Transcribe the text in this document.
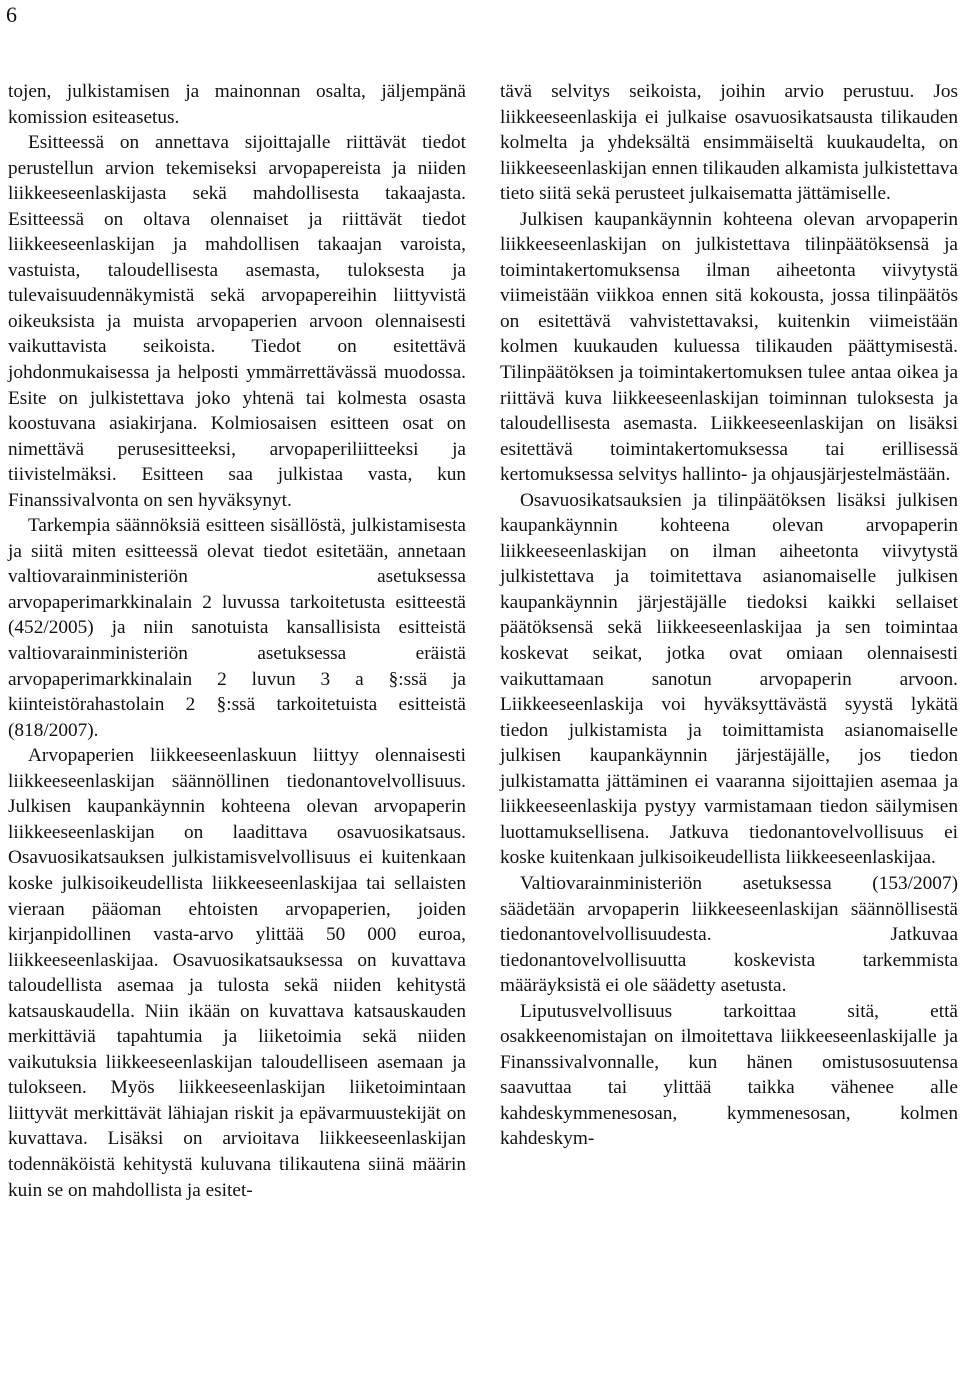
6

tojen, julkistamisen ja mainonnan osalta, jäljempänä komission esiteasetus.

Esitteessä on annettava sijoittajalle riittävät tiedot perustellun arvion tekemiseksi arvopapereista ja niiden liikkeeseenlaskijasta sekä mahdollisesta takaajasta. Esitteessä on oltava olennaiset ja riittävät tiedot liikkeeseenlaskijan ja mahdollisen takaajan varoista, vastuista, taloudellisesta asemasta, tuloksesta ja tulevaisuudennäkymistä sekä arvopapereihin liittyvistä oikeuksista ja muista arvopaperien arvoon olennaisesti vaikuttavista seikoista. Tiedot on esitettävä johdonmukaisessa ja helposti ymmärrettävässä muodossa. Esite on julkistettava joko yhtenä tai kolmesta osasta koostuvana asiakirjana. Kolmiosaisen esitteen osat on nimettävä perusesitteeksi, arvopaperiliitteeksi ja tiivistelmäksi. Esitteen saa julkistaa vasta, kun Finanssivalvonta on sen hyväksynyt.

Tarkempia säännöksiä esitteen sisällöstä, julkistamisesta ja siitä miten esitteessä olevat tiedot esitetään, annetaan valtiovarainministeriön asetuksessa arvopaperimarkkinalain 2 luvussa tarkoitetusta esitteestä (452/2005) ja niin sanotuista kansallisista esitteistä valtiovarainministeriön asetuksessa eräistä arvopaperimarkkinalain 2 luvun 3 a §:ssä ja kiinteistörahastolain 2 §:ssä tarkoitetuista esitteistä (818/2007).

Arvopaperien liikkeeseenlaskuun liittyy olennaisesti liikkeeseenlaskijan säännöllinen tiedonantovelvollisuus. Julkisen kaupankäynnin kohteena olevan arvopaperin liikkeeseenlaskijan on laadittava osavuosikatsaus. Osavuosikatsauksen julkistamisvelvollisuus ei kuitenkaan koske julkisoikeudellista liikkeeseenlaskijaa tai sellaisten vieraan pääoman ehtoisten arvopaperien, joiden kirjanpidollinen vasta-arvo ylittää 50 000 euroa, liikkeeseenlaskijaa. Osavuosikatsauksessa on kuvattava taloudellista asemaa ja tulosta sekä niiden kehitystä katsauskaudella. Niin ikään on kuvattava katsauskauden merkittäviä tapahtumia ja liiketoimia sekä niiden vaikutuksia liikkeeseenlaskijan taloudelliseen asemaan ja tulokseen. Myös liikkeeseenlaskijan liiketoimintaan liittyvät merkittävät lähiajan riskit ja epävarmuustekijät on kuvattava. Lisäksi on arvioitava liikkeeseenlaskijan todennäköistä kehitystä kuluvana tilikautena siinä määrin kuin se on mahdollista ja esitet-

tävä selvitys seikoista, joihin arvio perustuu. Jos liikkeeseenlaskija ei julkaise osavuosikatsausta tilikauden kolmelta ja yhdeksältä ensimmäiseltä kuukaudelta, on liikkeeseenlaskijan ennen tilikauden alkamista julkistettava tieto siitä sekä perusteet julkaisematta jättämiselle.

Julkisen kaupankäynnin kohteena olevan arvopaperin liikkeeseenlaskijan on julkistettava tilinpäätöksensä ja toimintakertomuksensa ilman aiheetonta viivytystä viimeistään viikkoa ennen sitä kokousta, jossa tilinpäätös on esitettävä vahvistettavaksi, kuitenkin viimeistään kolmen kuukauden kuluessa tilikauden päättymisestä. Tilinpäätöksen ja toimintakertomuksen tulee antaa oikea ja riittävä kuva liikkeeseenlaskijan toiminnan tuloksesta ja taloudellisesta asemasta. Liikkeeseenlaskijan on lisäksi esitettävä toimintakertomuksessa tai erillisessä kertomuksessa selvitys hallinto- ja ohjausjärjestelmästään.

Osavuosikatsauksien ja tilinpäätöksen lisäksi julkisen kaupankäynnin kohteena olevan arvopaperin liikkeeseenlaskijan on ilman aiheetonta viivytystä julkistettava ja toimitettava asianomaiselle julkisen kaupankäynnin järjestäjälle tiedoksi kaikki sellaiset päätöksensä sekä liikkeeseenlaskijaa ja sen toimintaa koskevat seikat, jotka ovat omiaan olennaisesti vaikuttamaan sanotun arvopaperin arvoon. Liikkeeseenlaskija voi hyväksyttävästä syystä lykätä tiedon julkistamista ja toimittamista asianomaiselle julkisen kaupankäynnin järjestäjälle, jos tiedon julkistamatta jättäminen ei vaaranna sijoittajien asemaa ja liikkeeseenlaskija pystyy varmistamaan tiedon säilymisen luottamuksellisena. Jatkuva tiedonantovelvollisuus ei koske kuitenkaan julkisoikeudellista liikkeeseenlaskijaa.

Valtiovarainministeriön asetuksessa (153/2007) säädetään arvopaperin liikkeeseenlaskijan säännöllisestä tiedonantovelvollisuudesta. Jatkuvaa tiedonantovelvollisuutta koskevista tarkemmista määräyksistä ei ole säädetty asetusta.

Liputusvelvollisuus tarkoittaa sitä, että osakkeenomistajan on ilmoitettava liikkeeseenlaskijalle ja Finanssivalvonnalle, kun hänen omistusosuutensa saavuttaa tai ylittää taikka vähenee alle kahdeskymmenesosan, kymmenesosan, kolmen kahdeskym-
